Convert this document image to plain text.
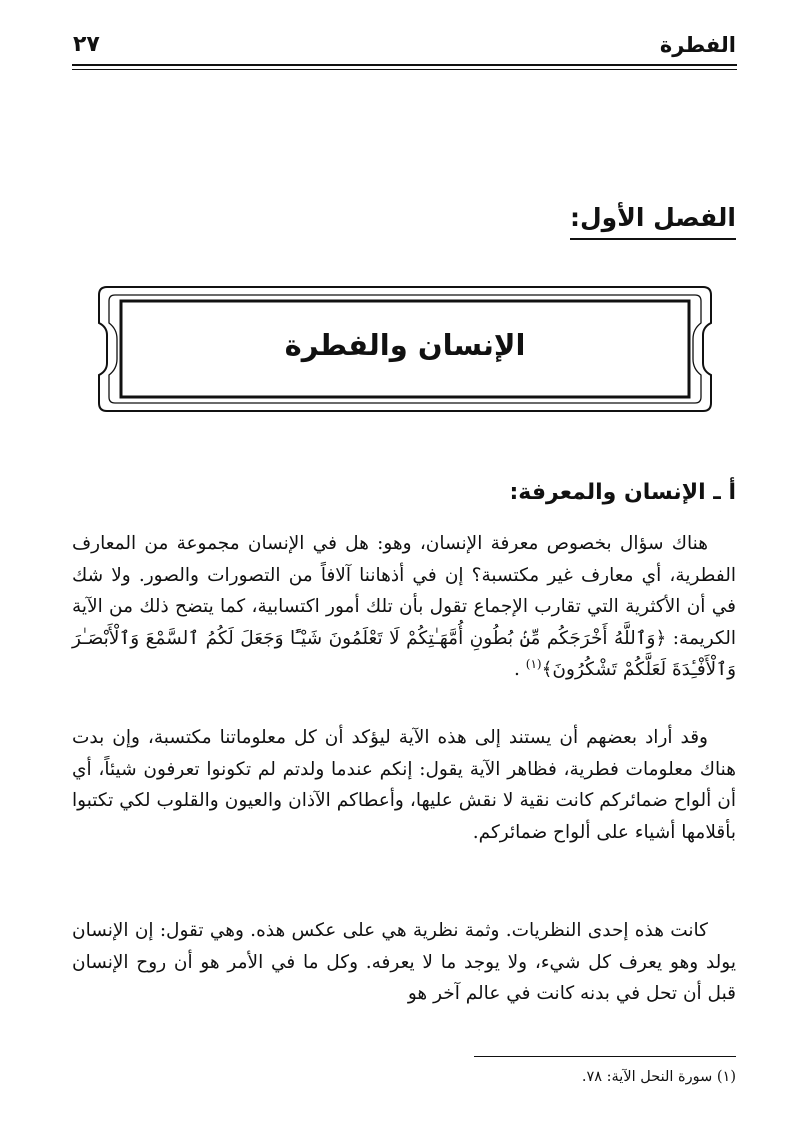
الفطرة
٢٧
الفصل الأول:
الإنسان والفطرة
أ ـ الإنسان والمعرفة:

هناك سؤال بخصوص معرفة الإنسان، وهو: هل في الإنسان مجموعة من المعارف الفطرية، أي معارف غير مكتسبة؟ إن في أذهاننا آلافاً من التصورات والصور. ولا شك في أن الأكثرية التي تقارب الإجماع تقول بأن تلك أمور اكتسابية، كما يتضح ذلك من الآية الكريمة: ﴿وَٱللَّهُ أَخْرَجَكُم مِّنۢ بُطُونِ أُمَّهَـٰتِكُمْ لَا تَعْلَمُونَ شَيْـًٔا وَجَعَلَ لَكُمُ ٱلسَّمْعَ وَٱلْأَبْصَـٰرَ وَٱلْأَفْـِٔدَةَ لَعَلَّكُمْ تَشْكُرُونَ﴾$^{(١)}$ .

وقد أراد بعضهم أن يستند إلى هذه الآية ليؤكد أن كل معلوماتنا مكتسبة، وإن بدت هناك معلومات فطرية، فظاهر الآية يقول: إنكم عندما ولدتم لم تكونوا تعرفون شيئاً، أي أن ألواح ضمائركم كانت نقية لا نقش عليها، وأعطاكم الآذان والعيون والقلوب لكي تكتبوا بأقلامها أشياء على ألواح ضمائركم.

كانت هذه إحدى النظريات. وثمة نظرية هي على عكس هذه. وهي تقول: إن الإنسان يولد وهو يعرف كل شيء، ولا يوجد ما لا يعرفه. وكل ما في الأمر هو أن روح الإنسان قبل أن تحل في بدنه كانت في عالم آخر هو

(١) سورة النحل الآية: ٧٨.
